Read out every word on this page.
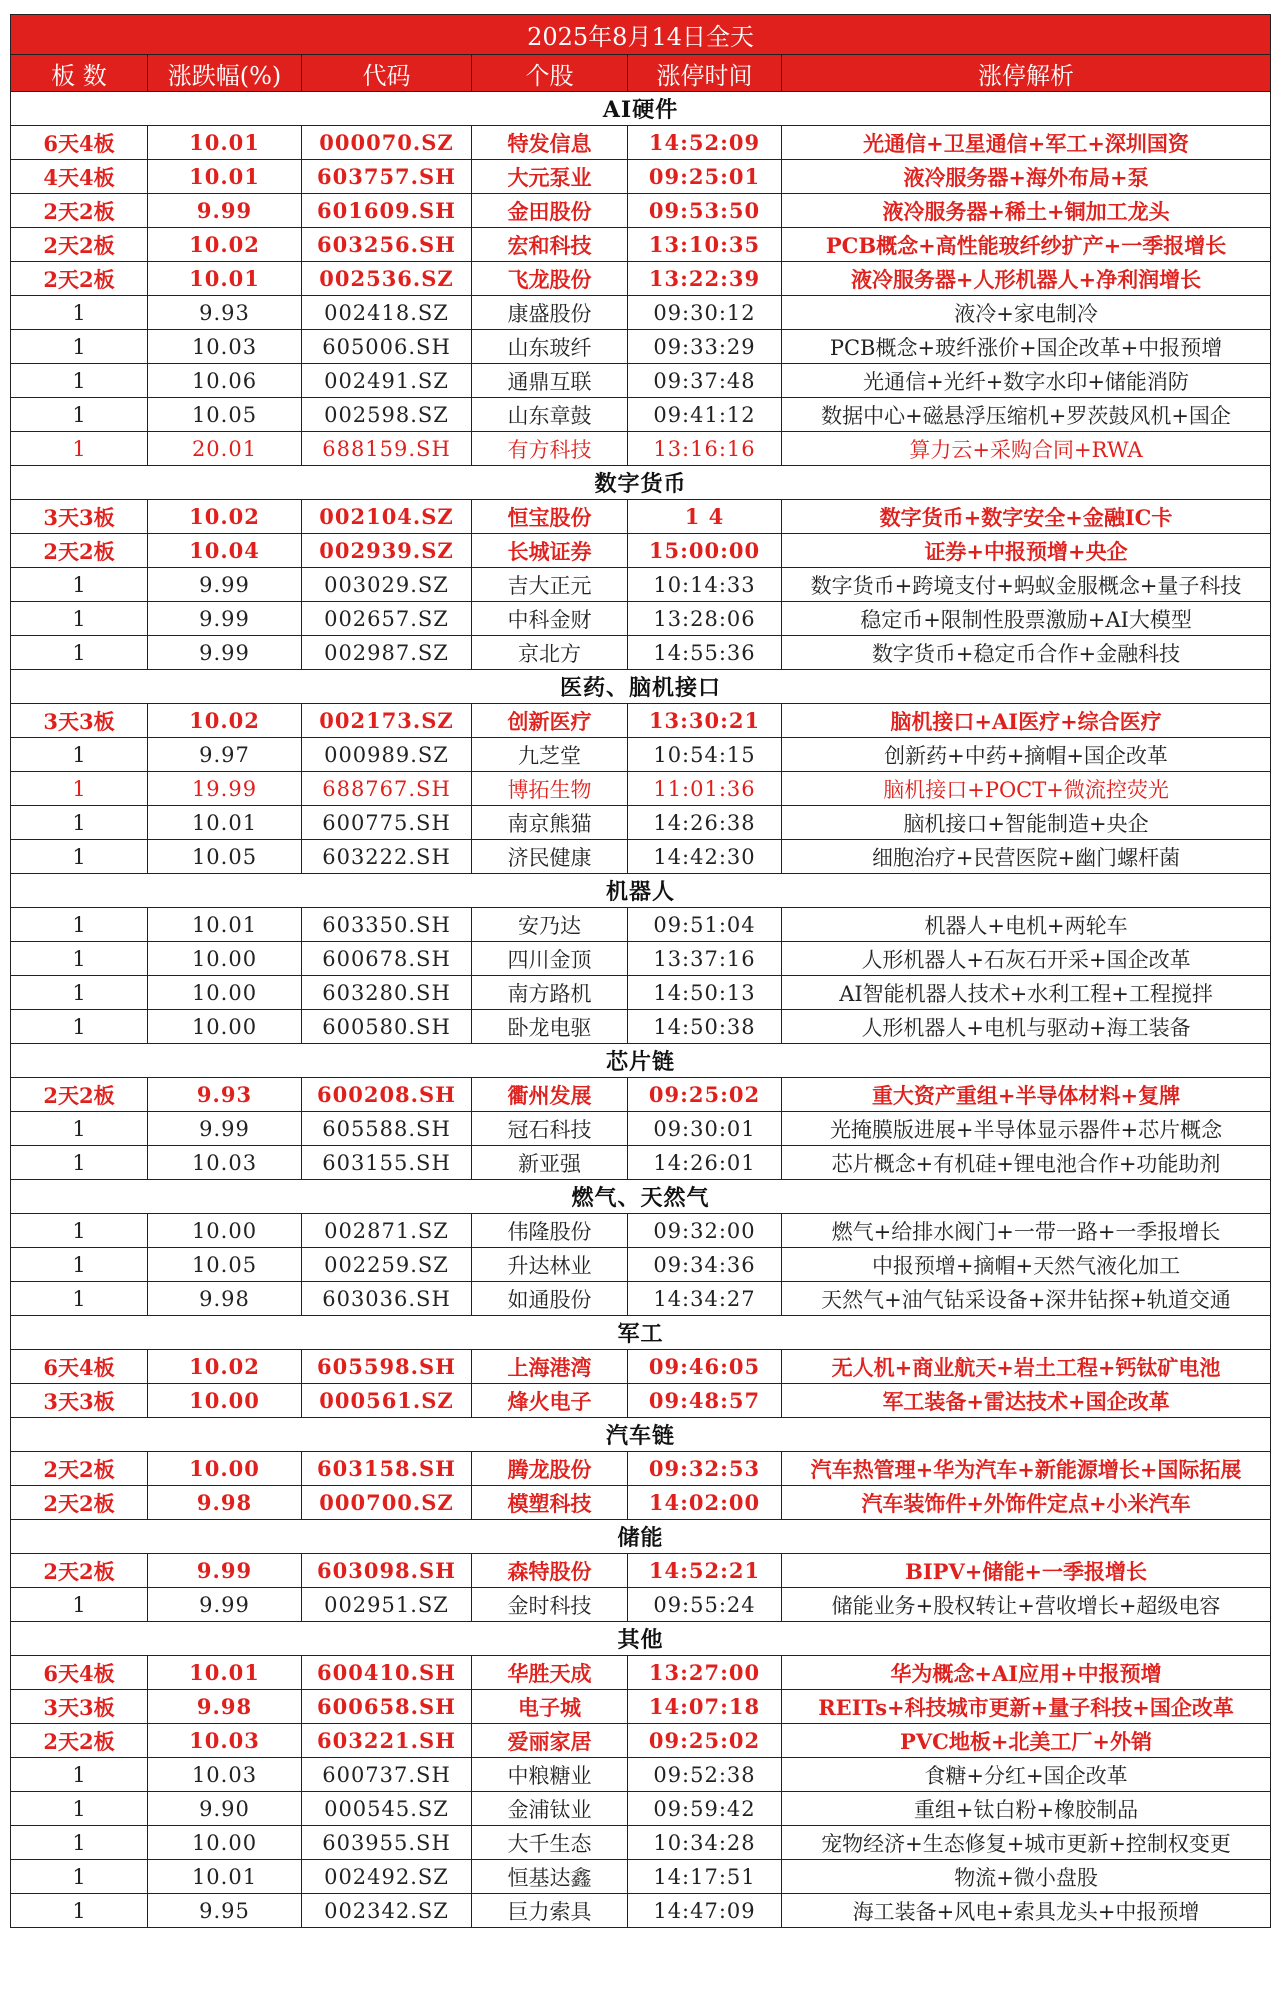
2025年8月14日全天					
板 数	涨跌幅(%)	代码	个股	涨停时间	涨停解析
AI硬件					
6天4板	10.01	000070.SZ	特发信息	14:52:09	光通信+卫星通信+军工+深圳国资
4天4板	10.01	603757.SH	大元泵业	09:25:01	液冷服务器+海外布局+泵
2天2板	9.99	601609.SH	金田股份	09:53:50	液冷服务器+稀土+铜加工龙头
2天2板	10.02	603256.SH	宏和科技	13:10:35	PCB概念+高性能玻纤纱扩产+一季报增长
2天2板	10.01	002536.SZ	飞龙股份	13:22:39	液冷服务器+人形机器人+净利润增长
1	9.93	002418.SZ	康盛股份	09:30:12	液冷+家电制冷
1	10.03	605006.SH	山东玻纤	09:33:29	PCB概念+玻纤涨价+国企改革+中报预增
1	10.06	002491.SZ	通鼎互联	09:37:48	光通信+光纤+数字水印+储能消防
1	10.05	002598.SZ	山东章鼓	09:41:12	数据中心+磁悬浮压缩机+罗茨鼓风机+国企
1	20.01	688159.SH	有方科技	13:16:16	算力云+采购合同+RWA
数字货币					
3天3板	10.02	002104.SZ	恒宝股份	1 4	数字货币+数字安全+金融IC卡
2天2板	10.04	002939.SZ	长城证券	15:00:00	证券+中报预增+央企
1	9.99	003029.SZ	吉大正元	10:14:33	数字货币+跨境支付+蚂蚁金服概念+量子科技
1	9.99	002657.SZ	中科金财	13:28:06	稳定币+限制性股票激励+AI大模型
1	9.99	002987.SZ	京北方	14:55:36	数字货币+稳定币合作+金融科技
医药、脑机接口					
3天3板	10.02	002173.SZ	创新医疗	13:30:21	脑机接口+AI医疗+综合医疗
1	9.97	000989.SZ	九芝堂	10:54:15	创新药+中药+摘帽+国企改革
1	19.99	688767.SH	博拓生物	11:01:36	脑机接口+POCT+微流控荧光
1	10.01	600775.SH	南京熊猫	14:26:38	脑机接口+智能制造+央企
1	10.05	603222.SH	济民健康	14:42:30	细胞治疗+民营医院+幽门螺杆菌
机器人					
1	10.01	603350.SH	安乃达	09:51:04	机器人+电机+两轮车
1	10.00	600678.SH	四川金顶	13:37:16	人形机器人+石灰石开采+国企改革
1	10.00	603280.SH	南方路机	14:50:13	AI智能机器人技术+水利工程+工程搅拌
1	10.00	600580.SH	卧龙电驱	14:50:38	人形机器人+电机与驱动+海工装备
芯片链					
2天2板	9.93	600208.SH	衢州发展	09:25:02	重大资产重组+半导体材料+复牌
1	9.99	605588.SH	冠石科技	09:30:01	光掩膜版进展+半导体显示器件+芯片概念
1	10.03	603155.SH	新亚强	14:26:01	芯片概念+有机硅+锂电池合作+功能助剂
燃气、天然气					
1	10.00	002871.SZ	伟隆股份	09:32:00	燃气+给排水阀门+一带一路+一季报增长
1	10.05	002259.SZ	升达林业	09:34:36	中报预增+摘帽+天然气液化加工
1	9.98	603036.SH	如通股份	14:34:27	天然气+油气钻采设备+深井钻探+轨道交通
军工					
6天4板	10.02	605598.SH	上海港湾	09:46:05	无人机+商业航天+岩土工程+钙钛矿电池
3天3板	10.00	000561.SZ	烽火电子	09:48:57	军工装备+雷达技术+国企改革
汽车链					
2天2板	10.00	603158.SH	腾龙股份	09:32:53	汽车热管理+华为汽车+新能源增长+国际拓展
2天2板	9.98	000700.SZ	模塑科技	14:02:00	汽车装饰件+外饰件定点+小米汽车
储能					
2天2板	9.99	603098.SH	森特股份	14:52:21	BIPV+储能+一季报增长
1	9.99	002951.SZ	金时科技	09:55:24	储能业务+股权转让+营收增长+超级电容
其他					
6天4板	10.01	600410.SH	华胜天成	13:27:00	华为概念+AI应用+中报预增
3天3板	9.98	600658.SH	电子城	14:07:18	REITs+科技城市更新+量子科技+国企改革
2天2板	10.03	603221.SH	爱丽家居	09:25:02	PVC地板+北美工厂+外销
1	10.03	600737.SH	中粮糖业	09:52:38	食糖+分红+国企改革
1	9.90	000545.SZ	金浦钛业	09:59:42	重组+钛白粉+橡胶制品
1	10.00	603955.SH	大千生态	10:34:28	宠物经济+生态修复+城市更新+控制权变更
1	10.01	002492.SZ	恒基达鑫	14:17:51	物流+微小盘股
1	9.95	002342.SZ	巨力索具	14:47:09	海工装备+风电+索具龙头+中报预增
